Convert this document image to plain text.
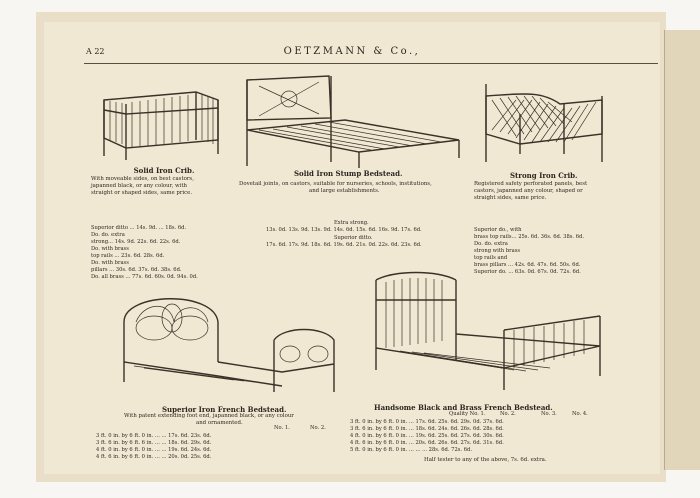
A 22	OETZMANN & Co.,
Solid Iron Crib.
With moveable sides, on best castors,
japanned black, or any colour, with
straight or shaped sides, same price.
Superior ditto ... 14s. 9d. ... 18s. 6d.
Do. do. extra
strong... 14s. 9d. 22s. 6d. 22s. 6d.
Do. with brass
top rails ... 23s. 6d. 28s. 6d.
Do. with brass
pillars ... 30s. 6d. 37s. 6d. 38s. 6d.
Do. all brass ... 77s. 6d. 60s. 0d. 94s. 0d.
Solid Iron Stump Bedstead.
Dovetail joints, on castors, suitable for nurseries, schools, institutions,
and large establishments.
Extra strong.
13s. 0d. 13s. 9d. 13s. 9d. 14s. 6d. 15s. 6d. 16s. 9d. 17s. 6d.
Superior ditto.
17s. 6d. 17s. 9d. 18s. 6d. 19s. 6d. 21s. 0d. 22s. 6d. 23s. 6d.
Strong Iron Crib.
Registered safety perforated panels, best
castors, japanned any colour, shaped or
straight sides, same price.
Superior do., with
brass top rails... 25s. 6d. 36s. 6d. 38s. 6d.
Do. do. extra
strong with brass
top rails and
brass pillars ... 42s. 6d. 47s. 6d. 50s. 6d.
Superior do. ... 63s. 0d. 67s. 0d. 72s. 6d.
Superior Iron French Bedstead.
With patent extending foot end, japanned black, or any colour
and ornamented.
No. 1.	No. 2.
3 ft. 0 in. by 6 ft. 0 in. ... ... 17s. 6d. 23s. 6d.
3 ft. 6 in. by 6 ft. 6 in. ... ... 18s. 6d. 29s. 6d.
4 ft. 0 in. by 6 ft. 0 in. ... ... 19s. 6d. 24s. 6d.
4 ft. 6 in. by 6 ft. 0 in. ... ... 20s. 0d. 25s. 6d.
Handsome Black and Brass French Bedstead.
Quality No. 1.	No. 2.	No. 3.	No. 4.
3 ft. 0 in. by 6 ft. 0 in. ... 17s. 6d. 25s. 6d. 29s. 0d. 37s. 6d.
3 ft. 6 in. by 6 ft. 0 in. ... 18s. 6d. 24s. 6d. 26s. 6d. 28s. 6d.
4 ft. 0 in. by 6 ft. 0 in. ... 19s. 6d. 25s. 6d. 27s. 6d. 30s. 6d.
4 ft. 6 in. by 6 ft. 0 in. ... 20s. 6d. 26s. 6d. 27s. 6d. 31s. 6d.
5 ft. 0 in. by 6 ft. 0 in. ... ... ... 28s. 6d. 72s. 6d.
Half tester to any of the above, 7s. 6d. extra.
